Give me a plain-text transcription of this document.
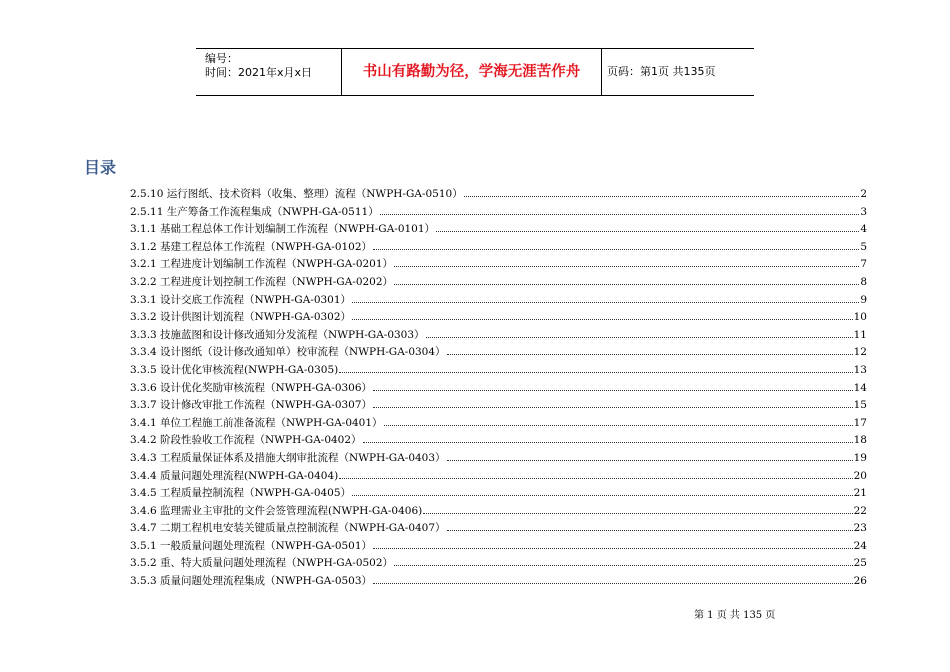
编号：
时间：2021年x月x日	书山有路勤为径，学海无涯苦作舟	页码：第1页 共135页
目录
2.5.10 运行图纸、技术资料（收集、整理）流程（NWPH-GA-0510）	2
2.5.11 生产筹备工作流程集成（NWPH-GA-0511）	3
3.1.1 基础工程总体工作计划编制工作流程（NWPH-GA-0101）	4
3.1.2 基建工程总体工作流程（NWPH-GA-0102）	5
3.2.1 工程进度计划编制工作流程（NWPH-GA-0201）	7
3.2.2 工程进度计划控制工作流程（NWPH-GA-0202）	8
3.3.1 设计交底工作流程（NWPH-GA-0301）	9
3.3.2 设计供图计划流程（NWPH-GA-0302）	10
3.3.3 技施蓝图和设计修改通知分发流程（NWPH-GA-0303）	11
3.3.4 设计图纸（设计修改通知单）校审流程（NWPH-GA-0304）	12
3.3.5 设计优化审核流程(NWPH-GA-0305)	13
3.3.6 设计优化奖励审核流程（NWPH-GA-0306）	14
3.3.7 设计修改审批工作流程（NWPH-GA-0307）	15
3.4.1 单位工程施工前准备流程（NWPH-GA-0401）	17
3.4.2 阶段性验收工作流程（NWPH-GA-0402）	18
3.4.3 工程质量保证体系及措施大纲审批流程（NWPH-GA-0403）	19
3.4.4 质量问题处理流程(NWPH-GA-0404)	20
3.4.5 工程质量控制流程（NWPH-GA-0405）	21
3.4.6 监理需业主审批的文件会签管理流程(NWPH-GA-0406)	22
3.4.7 二期工程机电安装关键质量点控制流程（NWPH-GA-0407）	23
3.5.1 一般质量问题处理流程（NWPH-GA-0501）	24
3.5.2 重、特大质量问题处理流程（NWPH-GA-0502）	25
3.5.3 质量问题处理流程集成（NWPH-GA-0503）	26
第 1 页 共 135 页
